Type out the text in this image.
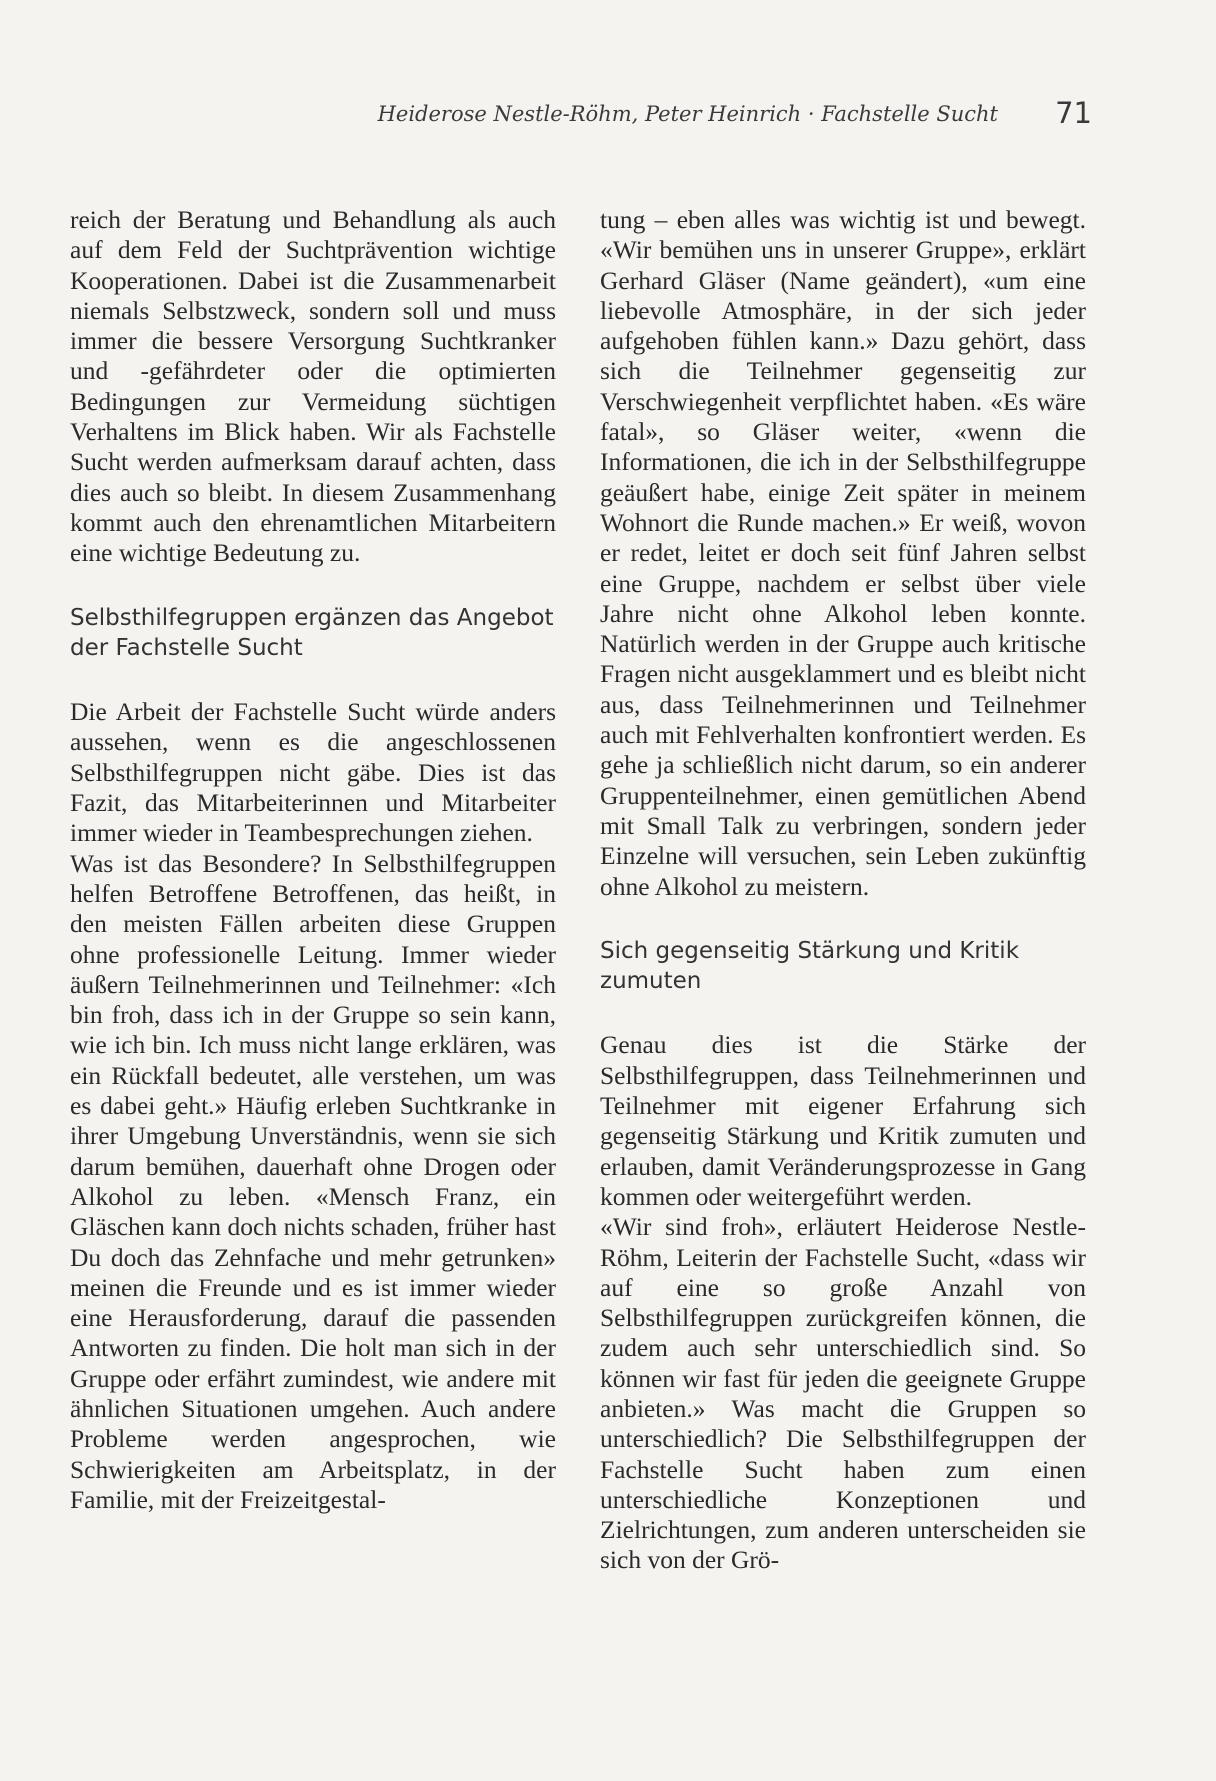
Heiderose Nestle-Röhm, Peter Heinrich · Fachstelle Sucht 71

reich der Beratung und Behandlung als auch auf dem Feld der Suchtprävention wichtige Kooperationen. Dabei ist die Zusammenarbeit niemals Selbstzweck, sondern soll und muss immer die bessere Versorgung Suchtkranker und -gefährdeter oder die optimierten Bedingungen zur Vermeidung süchtigen Verhaltens im Blick haben. Wir als Fachstelle Sucht werden aufmerksam darauf achten, dass dies auch so bleibt. In diesem Zusammenhang kommt auch den ehrenamtlichen Mitarbeitern eine wichtige Bedeutung zu.

Selbsthilfegruppen ergänzen das Angebot der Fachstelle Sucht

Die Arbeit der Fachstelle Sucht würde anders aussehen, wenn es die angeschlossenen Selbsthilfegruppen nicht gäbe. Dies ist das Fazit, das Mitarbeiterinnen und Mitarbeiter immer wieder in Teambesprechungen ziehen.

Was ist das Besondere? In Selbsthilfegruppen helfen Betroffene Betroffenen, das heißt, in den meisten Fällen arbeiten diese Gruppen ohne professionelle Leitung. Immer wieder äußern Teilnehmerinnen und Teilnehmer: «Ich bin froh, dass ich in der Gruppe so sein kann, wie ich bin. Ich muss nicht lange erklären, was ein Rückfall bedeutet, alle verstehen, um was es dabei geht.» Häufig erleben Suchtkranke in ihrer Umgebung Unverständnis, wenn sie sich darum bemühen, dauerhaft ohne Drogen oder Alkohol zu leben. «Mensch Franz, ein Gläschen kann doch nichts schaden, früher hast Du doch das Zehnfache und mehr getrunken» meinen die Freunde und es ist immer wieder eine Herausforderung, darauf die passenden Antworten zu finden. Die holt man sich in der Gruppe oder erfährt zumindest, wie andere mit ähnlichen Situationen umgehen. Auch andere Probleme werden angesprochen, wie Schwierigkeiten am Arbeitsplatz, in der Familie, mit der Freizeitgestal-

tung – eben alles was wichtig ist und bewegt. «Wir bemühen uns in unserer Gruppe», erklärt Gerhard Gläser (Name geändert), «um eine liebevolle Atmosphäre, in der sich jeder aufgehoben fühlen kann.» Dazu gehört, dass sich die Teilnehmer gegenseitig zur Verschwiegenheit verpflichtet haben. «Es wäre fatal», so Gläser weiter, «wenn die Informationen, die ich in der Selbsthilfegruppe geäußert habe, einige Zeit später in meinem Wohnort die Runde machen.» Er weiß, wovon er redet, leitet er doch seit fünf Jahren selbst eine Gruppe, nachdem er selbst über viele Jahre nicht ohne Alkohol leben konnte. Natürlich werden in der Gruppe auch kritische Fragen nicht ausgeklammert und es bleibt nicht aus, dass Teilnehmerinnen und Teilnehmer auch mit Fehlverhalten konfrontiert werden. Es gehe ja schließlich nicht darum, so ein anderer Gruppenteilnehmer, einen gemütlichen Abend mit Small Talk zu verbringen, sondern jeder Einzelne will versuchen, sein Leben zukünftig ohne Alkohol zu meistern.

Sich gegenseitig Stärkung und Kritik zumuten

Genau dies ist die Stärke der Selbsthilfegruppen, dass Teilnehmerinnen und Teilnehmer mit eigener Erfahrung sich gegenseitig Stärkung und Kritik zumuten und erlauben, damit Veränderungsprozesse in Gang kommen oder weitergeführt werden.

«Wir sind froh», erläutert Heiderose Nestle-Röhm, Leiterin der Fachstelle Sucht, «dass wir auf eine so große Anzahl von Selbsthilfegruppen zurückgreifen können, die zudem auch sehr unterschiedlich sind. So können wir fast für jeden die geeignete Gruppe anbieten.» Was macht die Gruppen so unterschiedlich? Die Selbsthilfegruppen der Fachstelle Sucht haben zum einen unterschiedliche Konzeptionen und Zielrichtungen, zum anderen unterscheiden sie sich von der Grö-
